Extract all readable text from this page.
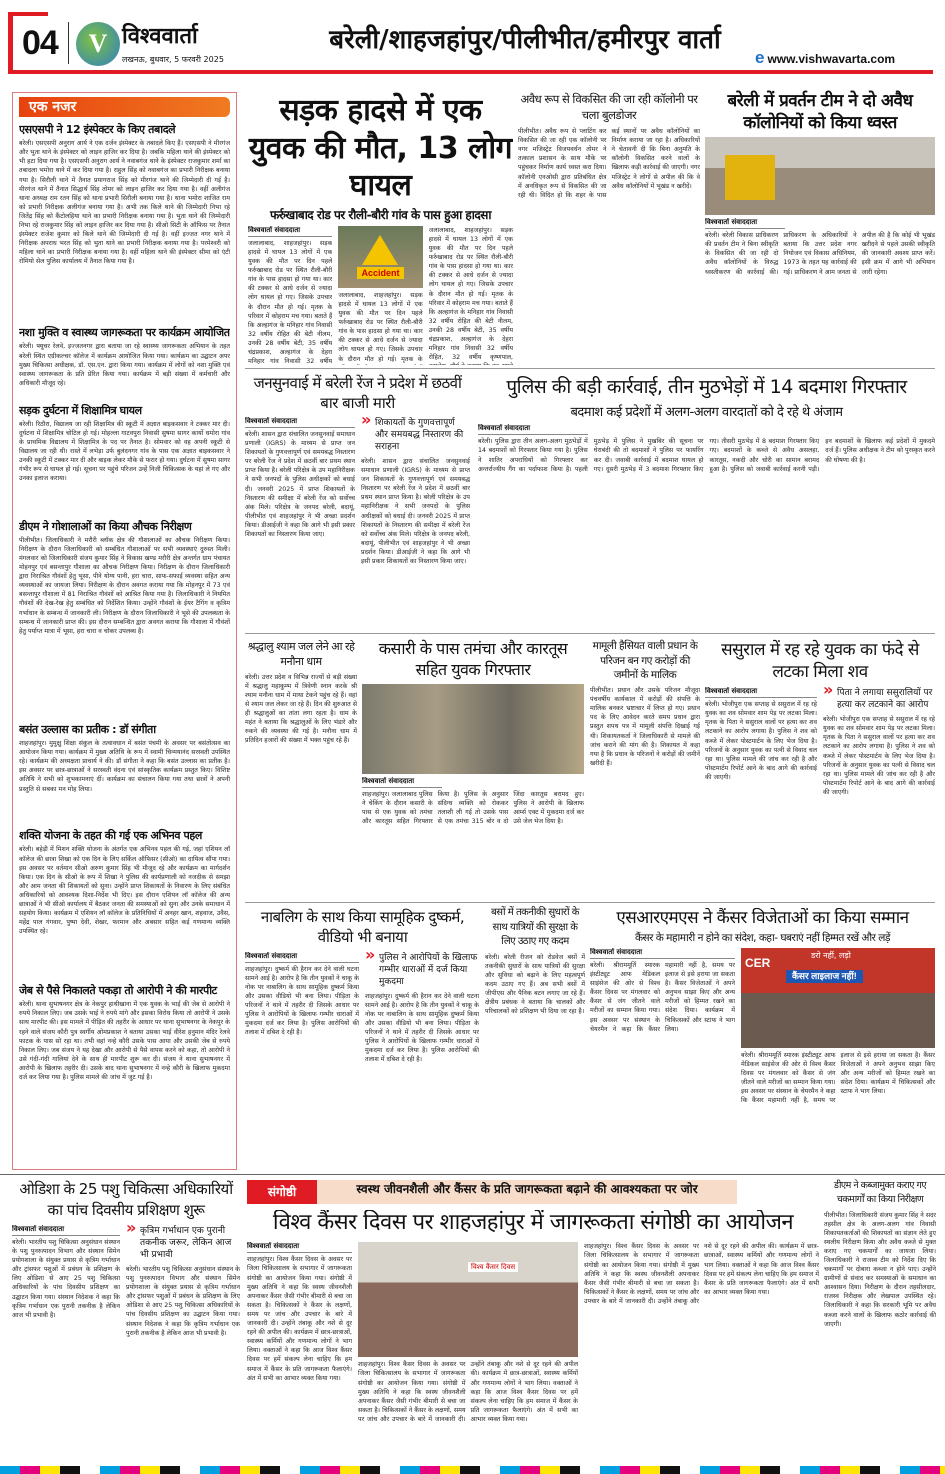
04	V विश्ववार्ता
लखनऊ, बुधवार, 5 फरवरी 2025
बरेली/शाहजहांपुर/पीलीभीत/हमीरपुर वार्ता
e www.vishwavarta.com
एक नजर
एसएसपी ने 12 इंस्पेक्टर के किए तबादले
बरेली। एसएसपी अनुराग आर्य ने एक दर्जन इंस्पेक्टर के तबादले किए हैं। एसएसपी ने मीरगंज और भुता थाने के इंस्पेक्टर को लाइन हाजिर कर दिया है। जबकि महिला थाने की इंस्पेक्टर को भी हटा दिया गया है। एसएसपी अनुराग आर्य ने नवाबगंज थाने के इंस्पेक्टर राजकुमार शर्मा का तबादला भमोरा थाने में कर दिया गया है। राहुल सिंह को नवाबगंज का प्रभारी निरीक्षक बनाया गया है। सिरौली थाने में तैनात प्रयागराज सिंह को मीरगंज थाने की जिम्मेदारी दी गई है। मीरगंज थाने में तैनात सिद्धार्थ सिंह तोमर को लाइन हाजिर कर दिया गया है। वहीं अलीगंज थाना अध्यक्ष राम रतन सिंह को थाना प्रभारी सिरौली बनाया गया है। थाना भमोरा शाजित राम को प्रभारी निरीक्षक अलीगंज बनाया गया है। अभी तक किले थाने की जिम्मेदारी निभा रहे जितेंद्र सिंह को कैंटोलहिया थाने का प्रभारी निरीक्षक बनाया गया है। भुता थाने की जिम्मेदारी निभा रहे राजकुमार सिंह को लाइन हाजिर कर दिया गया है। सीओ सिटी के ऑफिस पर तैनात इंस्पेक्टर राजेश कुमार को किले थाने की जिम्मेदारी दी गई है। वहीं इज्जत नगर थाने में निरीक्षक अपराध भरत सिंह को भुता थाने का प्रभारी निरीक्षक बनाया गया है। परमेश्वरी को महिला थाने का प्रभारी निरीक्षक बनाया गया है। वहीं महिला थाने की इंस्पेक्टर सीमा को एंटी रोमियो सेल पुलिस कार्यालय में तैनात किया गया है।
नशा मुक्ति व स्वास्थ्य जागरूकता पर कार्यक्रम आयोजित
बरेली। फ्यूचर रेलवे, इज्जतनगर द्वारा बताया जा रहे स्वास्थ्य जागरूकता अभियान के तहत बरेली स्थित एग्रीकल्चर कॉलेज में कार्यक्रम आयोजित किया गया। कार्यक्रम का उद्घाटन अपर मुख्य चिकित्सा अधीक्षक, डॉ. एस.एन. द्वारा किया गया। कार्यक्रम में लोगों को नशा मुक्ति एवं स्वास्थ्य जागरूकता के प्रति प्रेरित किया गया। कार्यक्रम में बड़ी संख्या में कर्मचारी और अधिकारी मौजूद रहे।
सड़क दुर्घटना में शिक्षामित्र घायल
बरेली। रिठौरा, विद्यालय जा रही शिक्षामित्र की स्कूटी में अज्ञात बाइकसवार ने टक्कर मार दी। दुर्घटना में शिक्षामित्र चोटिल हो गई। मोहल्ला गाटवपुरा निवासी सुषमा सागर कार्यो धमोरा गांव के प्राथमिक विद्यालय में शिक्षामित्र के पद पर तैनात है। सोमवार को वह अपनी स्कूटी से विद्यालय जा रही थी। रास्ते में लभेड़ा उर्फ बुलंदनगर गांव के पास एक अज्ञात बाइकसवार ने उनकी स्कूटी में टक्कर मार दी और बाइक लेकर मौके से फरार हो गया। दुर्घटना में सुषमा सागर गंभीर रूप से घायल हो गई। सूचना पर पहुंचे परिजन उन्हें निजी चिकित्सक के यहां ले गए और उनका इलाज कराया।
डीएम ने गोशालाओं का किया औचक निरीक्षण
पीलीभीत। जिलाधिकारी ने मरौरी ब्लॉक क्षेत्र की गौशालाओं का औचक निरीक्षण किया। निरीक्षण के दौरान जिलाधिकारी को सम्बंधित गौशालाओं पर सभी व्यवस्थाएं दुरुस्त मिली। मंगलवार को जिलाधिकारी संजय कुमार सिंह ने विकास खण्ड मरौरी क्षेत्र अन्तर्गत ग्राम पंचायत मोहनपुर एवं बसन्तापुर गौशाला का औचक निरीक्षण किया। निरीक्षण के दौरान जिलाधिकारी द्वारा निराश्रित गौवंशों हेतु भूसा, पीने योग्य पानी, हरा चारा, साफ-सफाई व्यवस्था सहित अन्य व्यवस्थाओं का जायजा लिया। निरीक्षण के दौरान अवगत कराया गया कि मोहनपुर में 73 एवं बसन्तापुर गौशाला में 81 निराश्रित गौवंशों को आश्रित किया गया है। जिलाधिकारी ने नियमित गौवंशों की देख-रेख हेतु सम्बंधित को निर्देशित किया। उन्होंने गौवंशों के ईयर टैगिंग व कृत्रिम गर्भाधान के सम्बन्ध में जानकारी ली। निरीक्षण के दौरान जिलाधिकारी ने भूसे की उपलब्धता के सम्बन्ध में जानकारी प्राप्त की। इस दौरान सम्बन्धित द्वारा अवगत कराया कि गौशाला में गौवंशों हेतु पर्याप्त मात्रा में भूसा, हरा चारा व चोकर उपलब्ध है।
बसंत उल्लास का प्रतीक : डॉ संगीता
शाहजहांपुर। मुमुक्षु शिक्षा संकुल के तत्वावधान में बसंत पंचमी के अवसर पर बसंतोत्सव का आयोजन किया गया। कार्यक्रम में मुख्य अतिथि के रूप में स्वामी चिन्मयानंद सरस्वती उपस्थित रहे। कार्यक्रम की अध्यक्षता प्राचार्य ने की। डॉ संगीता ने कहा कि बसंत उल्लास का प्रतीक है। इस अवसर पर छात्र-छात्राओं ने सरस्वती वंदना एवं सांस्कृतिक कार्यक्रम प्रस्तुत किए। विशिष्ट अतिथि ने सभी को शुभकामनाएं दीं। कार्यक्रम का संचालन किया गया तथा छात्रों ने अपनी प्रस्तुति से सबका मन मोह लिया।
शक्ति योजना के तहत की गई एक अभिनव पहल
बरेली। बहेड़ी में मिशन शक्ति योजना के अंतर्गत एक अभिनव पहल की गई, जहां एशियन लॉ कॉलेज की छात्रा शिखा को एक दिन के लिए सर्किल ऑफिसर (सीओ) का दायित्व सौंपा गया। इस अवसर पर वर्तमान सीओ अरुण कुमार सिंह भी मौजूद रहे और कार्यक्रम का मार्गदर्शन किया। एक दिन के सीओ के रूप में शिखा ने पुलिस की कार्यप्रणाली को नजदीक से समझा और आम जनता की शिकायतों को सुना। उन्होंने प्राप्त शिकायतों के निवारण के लिए संबंधित अधिकारियों को आवश्यक दिशा-निर्देश भी दिए। इस दौरान एशियन लॉ कॉलेज की अन्य छात्राओं ने भी सीओ कार्यालय में बैठकर जनता की समस्याओं को सुना और उनके समाधान में सहयोग किया। कार्यक्रम में एशियन लॉ कॉलेज के प्रतिनिधियों में अनहर खान, शहवाज, उवैस, महेंद्र पाल गंगवार, पुष्पा देवी, शेखर, फरमान और अबसार सहित कई गणमान्य व्यक्ति उपस्थित रहे।
जेब से पैसे निकालते पकड़ा तो आरोपी ने की मारपीट
बरेली। थाना सुभाषनगर क्षेत्र के नेकपुर हाथीखाना में एक युवक के भाई की जेब से आरोपी ने रुपये निकाल लिए। जब उसके भाई ने रुपये मांगे और इसका विरोध किया तो आरोपी ने उसके साथ मारपीट की। इस मामले में पीड़ित की तहरीर के आधार पर थाना सुभाषनगर के नेकपुर के रहने वाले संजय कौरी पुत्र स्वर्गीय ओमप्रकाश ने बताया उसका भाई वीरेश हनुमान मंदिर रेलवे फाटक के पास सो रहा था। तभी वहां नन्हे कौरी उसके पास आया और उसकी जेब से रुपये निकाल लिए। जब संजय ने यह देखा और आरोपी से पैसे वापस करने को कहा, तो आरोपी ने उसे गंदी-गंदी गालियां देने के साथ ही मारपीट शुरू कर दी। संजय ने थाना सुभाषनगर में आरोपी के खिलाफ तहरीर दी। उसके बाद थाना सुभाषनगर में नन्हे कौरी के खिलाफ मुकदमा दर्ज कर लिया गया है। पुलिस मामले की जांच में जुट गई है।
सड़क हादसे में एक युवक की मौत, 13 लोग घायल
फर्रुखाबाद रोड पर रौली-बौरी गांव के पास हुआ हादसा
विश्ववार्ता संवाददाता
जलालाबाद, शाहजहांपुर। सड़क हादसे में घायल 13 लोगों में एक युवक की मौत पर दिन पहले फर्रुखाबाद रोड पर स्थित रौली-बौरी गांव के पास हादसा हो गया था। कार की टक्कर से आधे दर्जन से ज्यादा लोग घायल हो गए। जिसके उपचार के दौरान मौत हो गई। मृतक के परिवार में कोहराम मच गया। बताते हैं कि अल्हागंज के मनिहार गांव निवासी 32 वर्षीय रोहित की बेटी नीलम, उनकी 28 वर्षीय बेटी, 35 वर्षीय चंद्रप्रकाश, अल्हागंज के देहरा मनिहार गांव निवासी 32 वर्षीय
Accident
जलालाबाद, शाहजहांपुर। सड़क हादसे में घायल 13 लोगों में एक युवक की मौत पर दिन पहले फर्रुखाबाद रोड पर स्थित रौली-बौरी गांव के पास हादसा हो गया था। कार की टक्कर से आधे दर्जन से ज्यादा लोग घायल हो गए। जिसके उपचार के दौरान मौत हो गई। मृतक के
जलालाबाद, शाहजहांपुर। सड़क हादसे में घायल 13 लोगों में एक युवक की मौत पर दिन पहले फर्रुखाबाद रोड पर स्थित रौली-बौरी गांव के पास हादसा हो गया था। कार की टक्कर से आधे दर्जन से ज्यादा लोग घायल हो गए। जिसके उपचार के दौरान मौत हो गई। मृतक के परिवार में कोहराम मच गया। बताते हैं कि अल्हागंज के मनिहार गांव निवासी 32 वर्षीय रोहित की बेटी नीलम, उनकी 28 वर्षीय बेटी, 35 वर्षीय चंद्रप्रकाश, अल्हागंज के देहरा मनिहार गांव निवासी 32 वर्षीय रोहित, 32 वर्षीय कृष्णपाल,
अवैध रूप से विकसित की जा रही कॉलोनी पर चला बुलडोजर
पीलीभीत। अवैध रूप से प्लाटिंग कर विकसित की जा रही एक कॉलोनी पर नगर मजिस्ट्रेट विजयवर्धन तोमर ने तत्काल प्रशासन के साथ मौके पर पहुंचकर निर्माण कार्य ध्वस्त करा दिया। कॉलोनी एनओसी द्वारा प्रतिबंधित क्षेत्र में अनधिकृत रूप से विकसित की जा रही थी। विदित हो कि शहर के पास कई स्थानों पर अवैध कॉलोनियों का निर्माण कराया जा रहा है। अधिकारियों ने चेतावनी दी कि बिना अनुमति के कॉलोनी विकसित करने वालों के खिलाफ कड़ी कार्रवाई की जाएगी। नगर मजिस्ट्रेट ने लोगों से अपील की कि वे अवैध कॉलोनियों में भूखंड न खरीदें।
बरेली में प्रवर्तन टीम ने दो अवैध कॉलोनियों को किया ध्वस्त
विश्ववार्ता संवाददाता
बरेली। बरेली विकास प्राधिकरण की प्रवर्तन टीम ने बिना स्वीकृति के विकसित की जा रही दो अवैध कॉलोनियों के विरुद्ध ध्वस्तीकरण की कार्रवाई की। प्राधिकरण के अधिकारियों ने बताया कि उत्तर प्रदेश नगर नियोजन एवं विकास अधिनियम, 1973 के तहत यह कार्रवाई की गई। प्राधिकरण ने आम जनता से अपील की है कि कोई भी भूखंड खरीदने से पहले उसकी स्वीकृति की जानकारी अवश्य प्राप्त करें। इसी क्रम में आगे भी अभियान जारी रहेगा।
जनसुनवाई में बरेली रेंज ने प्रदेश में छठवीं बार बाजी मारी
विश्ववार्ता संवाददाता
बरेली। शासन द्वारा संचालित जनसुनवाई समाधान प्रणाली (IGRS) के माध्यम से प्राप्त जन शिकायतों के गुणवत्तापूर्ण एवं समयबद्ध निस्तारण पर बरेली रेंज ने प्रदेश में छठवीं बार प्रथम स्थान प्राप्त किया है। बरेली परिक्षेत्र के उप महानिरीक्षक ने सभी जनपदों के पुलिस अधीक्षकों को बधाई दी। जनवरी 2025 में प्राप्त शिकायतों के निस्तारण की समीक्षा में बरेली रेंज को सर्वोच्च अंक मिले। परिक्षेत्र के जनपद बरेली, बदायूं, पीलीभीत एवं शाहजहांपुर ने भी अच्छा प्रदर्शन किया। डीआईजी ने कहा कि आगे भी इसी प्रकार शिकायतों का निस्तारण किया जाए।
» शिकायतों के गुणवत्तापूर्ण और समयबद्ध निस्तारण की सराहना
बरेली। शासन द्वारा संचालित जनसुनवाई समाधान प्रणाली (IGRS) के माध्यम से प्राप्त जन शिकायतों के गुणवत्तापूर्ण एवं समयबद्ध निस्तारण पर बरेली रेंज ने प्रदेश में छठवीं बार प्रथम स्थान प्राप्त किया है। बरेली परिक्षेत्र के उप महानिरीक्षक ने सभी जनपदों के पुलिस अधीक्षकों को बधाई दी। जनवरी 2025 में प्राप्त शिकायतों के निस्तारण की समीक्षा में बरेली रेंज को सर्वोच्च अंक मिले। परिक्षेत्र के जनपद बरेली, बदायूं, पीलीभीत एवं शाहजहांपुर ने भी अच्छा प्रदर्शन किया। डीआईजी ने कहा कि आगे भी इसी प्रकार शिकायतों का निस्तारण किया जाए।
पुलिस की बड़ी कार्रवाई, तीन मुठभेड़ों में 14 बदमाश गिरफ्तार
बदमाश कई प्रदेशों में अलग-अलग वारदातों को दे रहे थे अंजाम
विश्ववार्ता संवाददाता
बरेली। पुलिस द्वारा तीन अलग-अलग मुठभेड़ों में 14 बदमाशों को गिरफ्तार किया गया है। पुलिस ने शातिर अपराधियों को गिरफ्तार कर अन्तर्राज्यीय गैंग का पर्दाफाश किया है। पहली मुठभेड़ में पुलिस ने मुखबिर की सूचना पर घेराबंदी की तो बदमाशों ने पुलिस पर फायरिंग कर दी। जवाबी कार्रवाई में बदमाश घायल हो गए। दूसरी मुठभेड़ में 3 बदमाश गिरफ्तार किए गए। तीसरी मुठभेड़ में 8 बदमाश गिरफ्तार किए गए। बदमाशों के कब्जे से अवैध असलहा, कारतूस, नकदी और चोरी का सामान बरामद हुआ है। पुलिस को जवाबी कार्रवाई करनी पड़ी। इन बदमाशों के खिलाफ कई प्रदेशों में मुकदमे दर्ज हैं। पुलिस अधीक्षक ने टीम को पुरस्कृत करने की घोषणा की है।
श्रद्धालु श्याम जल लेने आ रहे मनौना धाम
बरेली। उत्तर प्रदेश व विभिन्न राज्यों से बड़ी संख्या में श्रद्धालु महाकुम्भ में त्रिवेणी स्नान करके श्री श्याम मनौना धाम में माथा टेकने पहुंच रहे हैं। वहां से श्याम जल लेकर जा रहे हैं। दिन की शुरुआत से ही श्रद्धालुओं का तांता लगा रहता है। धाम के महंत ने बताया कि श्रद्धालुओं के लिए भंडारे और रुकने की व्यवस्था की गई है। मनौना धाम में प्रतिदिन हजारों की संख्या में भक्त पहुंच रहे हैं।
कसारी के पास तमंचा और कारतूस सहित युवक गिरफ्तार
विश्ववार्ता संवाददाता
शाहजहांपुर। जलालाबाद पुलिस ने चेकिंग के दौरान कसारी के पास से एक युवक को तमंचा और कारतूस सहित गिरफ्तार किया है। पुलिस के अनुसार संदिग्ध व्यक्ति को रोककर तलाशी ली गई तो उसके पास से एक तमंचा 315 बोर व दो जिंदा कारतूस बरामद हुए। पुलिस ने आरोपी के खिलाफ आर्म्स एक्ट में मुकदमा दर्ज कर उसे जेल भेज दिया है।
मामूली हैसियत वाली प्रधान के परिजन बन गए करोड़ों की जमीनों के मालिक
पीलीभीत। प्रधान और उसके परिजन मौजूदा पंचवर्षीय कार्यकाल में करोड़ों की संपत्ति के मालिक बनकर भ्रष्टाचार में लिप्त हो गए। प्रधान पद के लिए आवेदन करते समय प्रधान द्वारा प्रस्तुत शपथ पत्र में मामूली संपत्ति दिखाई गई थी। शिकायतकर्ता ने जिलाधिकारी से मामले की जांच कराने की मांग की है। शिकायत में कहा गया है कि प्रधान के परिजनों ने करोड़ों की जमीनें खरीदी हैं।
ससुराल में रह रहे युवक का फंदे से लटका मिला शव
विश्ववार्ता संवाददाता
बरेली। भोजीपुरा एक सप्ताह से ससुराल में रह रहे युवक का शव सोमवार शाम पेड़ पर लटका मिला। मृतक के पिता ने ससुराल वालों पर हत्या कर शव लटकाने का आरोप लगाया है। पुलिस ने शव को कब्जे में लेकर पोस्टमार्टम के लिए भेज दिया है। परिजनों के अनुसार युवक का पत्नी से विवाद चल रहा था। पुलिस मामले की जांच कर रही है और पोस्टमार्टम रिपोर्ट आने के बाद आगे की कार्रवाई की जाएगी।
» पिता ने लगाया ससुरालियों पर हत्या कर लटकाने का आरोप
बरेली। भोजीपुरा एक सप्ताह से ससुराल में रह रहे युवक का शव सोमवार शाम पेड़ पर लटका मिला। मृतक के पिता ने ससुराल वालों पर हत्या कर शव लटकाने का आरोप लगाया है। पुलिस ने शव को कब्जे में लेकर पोस्टमार्टम के लिए भेज दिया है। परिजनों के अनुसार युवक का पत्नी से विवाद चल रहा था। पुलिस मामले की जांच कर रही है और पोस्टमार्टम रिपोर्ट आने के बाद आगे की कार्रवाई की जाएगी।
नाबलिग के साथ किया सामूहिक दुष्कर्म, वीडियो भी बनाया
विश्ववार्ता संवाददाता
शाहजहांपुर। दुष्कर्म की हैरान कर देने वाली घटना सामने आई है। आरोप है कि तीन युवकों ने चाकू के नोक पर नाबालिग के साथ सामूहिक दुष्कर्म किया और उसका वीडियो भी बना लिया। पीड़िता के परिजनों ने थाने में तहरीर दी जिसके आधार पर पुलिस ने आरोपियों के खिलाफ गम्भीर धाराओं में मुकदमा दर्ज कर लिया है। पुलिस आरोपियों की तलाश में दबिश दे रही है।
» पुलिस ने आरोपियों के खिलाफ गम्भीर धाराओं में दर्ज किया मुकदमा
शाहजहांपुर। दुष्कर्म की हैरान कर देने वाली घटना सामने आई है। आरोप है कि तीन युवकों ने चाकू के नोक पर नाबालिग के साथ सामूहिक दुष्कर्म किया और उसका वीडियो भी बना लिया। पीड़िता के परिजनों ने थाने में तहरीर दी जिसके आधार पर पुलिस ने आरोपियों के खिलाफ गम्भीर धाराओं में मुकदमा दर्ज कर लिया है। पुलिस आरोपियों की तलाश में दबिश दे रही है।
बसों में तकनीकी सुधारों के साथ यात्रियों की सुरक्षा के लिए उठाए गए कदम
बरेली। बरेली रीजन को रोडवेज बसों में तकनीकी सुधारों के साथ यात्रियों की सुरक्षा और सुविधा को बढ़ाने के लिए महत्वपूर्ण कदम उठाए गए हैं। अब सभी बसों में जीपीएस और पैनिक बटन लगाए जा रहे हैं। क्षेत्रीय प्रबंधक ने बताया कि चालकों और परिचालकों को प्रशिक्षण भी दिया जा रहा है।
एसआरएमएस ने कैंसर विजेताओं का किया सम्मान
कैंसर के महामारी न होने का संदेश, कहा- घबराएं नहीं हिम्मत रखें और लड़ें
विश्ववार्ता संवाददाता
बरेली। श्रीराममूर्ति स्मारक इंस्टीट्यूट आफ मेडिकल साइंसेज की ओर से विश्व कैंसर दिवस पर मंगलवार को कैंसर से जंग जीतने वाले मरीजों का सम्मान किया गया। इस अवसर पर संस्थान के चेयरमैन ने कहा कि कैंसर महामारी नहीं है, समय पर इलाज से इसे हराया जा सकता है। कैंसर विजेताओं ने अपने अनुभव साझा किए और अन्य मरीजों को हिम्मत रखने का संदेश दिया। कार्यक्रम में चिकित्सकों और स्टाफ ने भाग लिया।
CER
डरो नहीं, लड़ो
कैंसर लाइलाज नहीं!
बरेली। श्रीराममूर्ति स्मारक इंस्टीट्यूट आफ मेडिकल साइंसेज की ओर से विश्व कैंसर दिवस पर मंगलवार को कैंसर से जंग जीतने वाले मरीजों का सम्मान किया गया। इस अवसर पर संस्थान के चेयरमैन ने कहा कि कैंसर महामारी नहीं है, समय पर इलाज से इसे हराया जा सकता है। कैंसर विजेताओं ने अपने अनुभव साझा किए और अन्य मरीजों को हिम्मत रखने का संदेश दिया। कार्यक्रम में चिकित्सकों और स्टाफ ने भाग लिया।
ओडिशा के 25 पशु चिकित्सा अधिकारियों का पांच दिवसीय प्रशिक्षण शुरू
विश्ववार्ता संवाददाता
बरेली। भारतीय पशु चिकित्सा अनुसंधान संस्थान के पशु पुनरुत्पादन विभाग और संस्थान सिमेन प्रयोगशाला के संयुक्त प्रयास से कृत्रिम गर्भाधान और ट्रांसफर पशुओं में प्रबंधन के प्रशिक्षण के लिए ओडिशा से आए 25 पशु चिकित्सा अधिकारियों के पांच दिवसीय प्रशिक्षण का उद्घाटन किया गया। संस्थान निदेशक ने कहा कि कृत्रिम गर्भाधान एक पुरानी तकनीक है लेकिन आज भी प्रभावी है।
» कृत्रिम गर्भाधान एक पुरानी तकनीक जरूर, लेकिन आज भी प्रभावी
बरेली। भारतीय पशु चिकित्सा अनुसंधान संस्थान के पशु पुनरुत्पादन विभाग और संस्थान सिमेन प्रयोगशाला के संयुक्त प्रयास से कृत्रिम गर्भाधान और ट्रांसफर पशुओं में प्रबंधन के प्रशिक्षण के लिए ओडिशा से आए 25 पशु चिकित्सा अधिकारियों के पांच दिवसीय प्रशिक्षण का उद्घाटन किया गया। संस्थान निदेशक ने कहा कि कृत्रिम गर्भाधान एक पुरानी तकनीक है लेकिन आज भी प्रभावी है।
संगोष्ठी	स्वस्थ जीवनशैली और कैंसर के प्रति जागरूकता बढ़ाने की आवश्यकता पर जोर
विश्व कैंसर दिवस पर शाहजहांपुर में जागरूकता संगोष्ठी का आयोजन
विश्ववार्ता संवाददाता
शाहजहांपुर। विश्व कैंसर दिवस के अवसर पर जिला चिकित्सालय के सभागार में जागरूकता संगोष्ठी का आयोजन किया गया। संगोष्ठी में मुख्य अतिथि ने कहा कि स्वस्थ जीवनशैली अपनाकर कैंसर जैसी गंभीर बीमारी से बचा जा सकता है। चिकित्सकों ने कैंसर के लक्षणों, समय पर जांच और उपचार के बारे में जानकारी दी। उन्होंने तंबाकू और नशे से दूर रहने की अपील की। कार्यक्रम में छात्र-छात्राओं, स्वास्थ्य कर्मियों और गणमान्य लोगों ने भाग लिया। वक्ताओं ने कहा कि आज विश्व कैंसर दिवस पर हमें संकल्प लेना चाहिए कि हम समाज में कैंसर के प्रति जागरूकता फैलाएंगे। अंत में सभी का आभार व्यक्त किया गया।
विश्व कैंसर दिवस
शाहजहांपुर। विश्व कैंसर दिवस के अवसर पर जिला चिकित्सालय के सभागार में जागरूकता संगोष्ठी का आयोजन किया गया। संगोष्ठी में मुख्य अतिथि ने कहा कि स्वस्थ जीवनशैली अपनाकर कैंसर जैसी गंभीर बीमारी से बचा जा सकता है। चिकित्सकों ने कैंसर के लक्षणों, समय पर जांच और उपचार के बारे में जानकारी दी। उन्होंने तंबाकू और नशे से दूर रहने की अपील की। कार्यक्रम में छात्र-छात्राओं, स्वास्थ्य कर्मियों और गणमान्य लोगों ने भाग लिया। वक्ताओं ने कहा कि आज विश्व कैंसर दिवस पर हमें संकल्प लेना चाहिए कि हम समाज में कैंसर के प्रति जागरूकता फैलाएंगे। अंत में सभी का आभार व्यक्त किया गया।
शाहजहांपुर। विश्व कैंसर दिवस के अवसर पर जिला चिकित्सालय के सभागार में जागरूकता संगोष्ठी का आयोजन किया गया। संगोष्ठी में मुख्य अतिथि ने कहा कि स्वस्थ जीवनशैली अपनाकर कैंसर जैसी गंभीर बीमारी से बचा जा सकता है। चिकित्सकों ने कैंसर के लक्षणों, समय पर जांच और उपचार के बारे में जानकारी दी। उन्होंने तंबाकू और नशे से दूर रहने की अपील की। कार्यक्रम में छात्र-छात्राओं, स्वास्थ्य कर्मियों और गणमान्य लोगों ने भाग लिया। वक्ताओं ने कहा कि आज विश्व कैंसर दिवस पर हमें संकल्प लेना चाहिए कि हम समाज में कैंसर के प्रति जागरूकता फैलाएंगे। अंत में सभी का आभार व्यक्त किया गया।
डीएम ने कब्जामुक्त कराए गए चकमार्गों का किया निरीक्षण
पीलीभीत। जिलाधिकारी संजय कुमार सिंह ने सदर तहसील क्षेत्र के अलग-अलग गांव निवासी शिकायतकर्ताओं की शिकायतों का संज्ञान लेते हुए स्थलीय निरीक्षण किया और अवैध कब्जे से मुक्त कराए गए चकमार्गों का जायजा लिया। जिलाधिकारी ने राजस्व टीम को निर्देश दिए कि चकमार्गों पर दोबारा कब्जा न होने पाए। उन्होंने ग्रामीणों से संवाद कर समस्याओं के समाधान का आश्वासन दिया। निरीक्षण के दौरान तहसीलदार, राजस्व निरीक्षक और लेखपाल उपस्थित रहे। जिलाधिकारी ने कहा कि सरकारी भूमि पर अवैध कब्जा करने वालों के खिलाफ कठोर कार्रवाई की जाएगी।
